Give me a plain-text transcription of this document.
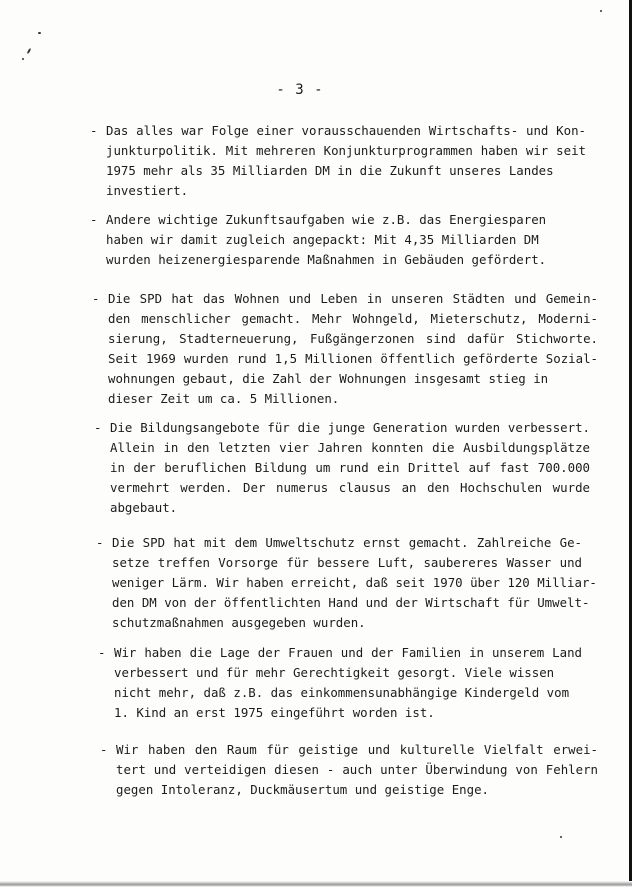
- 3 -
- Das alles war Folge einer vorausschauenden Wirtschafts- und Kon-
junkturpolitik. Mit mehreren Konjunkturprogrammen haben wir seit
1975 mehr als 35 Milliarden DM in die Zukunft unseres Landes
investiert.
- Andere wichtige Zukunftsaufgaben wie z.B. das Energiesparen
haben wir damit zugleich angepackt: Mit 4,35 Milliarden DM
wurden heizenergiesparende Maßnahmen in Gebäuden gefördert.
- Die SPD hat das Wohnen und Leben in unseren Städten und Gemein-
den menschlicher gemacht. Mehr Wohngeld, Mieterschutz, Moderni-
sierung, Stadterneuerung, Fußgängerzonen sind dafür Stichworte.
Seit 1969 wurden rund 1,5 Millionen öffentlich geförderte Sozial-
wohnungen gebaut, die Zahl der Wohnungen insgesamt stieg in
dieser Zeit um ca. 5 Millionen.
- Die Bildungsangebote für die junge Generation wurden verbessert.
Allein in den letzten vier Jahren konnten die Ausbildungsplätze
in der beruflichen Bildung um rund ein Drittel auf fast 700.000
vermehrt werden. Der numerus clausus an den Hochschulen wurde
abgebaut.
- Die SPD hat mit dem Umweltschutz ernst gemacht. Zahlreiche Ge-
setze treffen Vorsorge für bessere Luft, saubereres Wasser und
weniger Lärm. Wir haben erreicht, daß seit 1970 über 120 Milliar-
den DM von der öffentlichten Hand und der Wirtschaft für Umwelt-
schutzmaßnahmen ausgegeben wurden.
- Wir haben die Lage der Frauen und der Familien in unserem Land
verbessert und für mehr Gerechtigkeit gesorgt. Viele wissen
nicht mehr, daß z.B. das einkommensunabhängige Kindergeld vom
1. Kind an erst 1975 eingeführt worden ist.
- Wir haben den Raum für geistige und kulturelle Vielfalt erwei-
tert und verteidigen diesen - auch unter Überwindung von Fehlern
gegen Intoleranz, Duckmäusertum und geistige Enge.
